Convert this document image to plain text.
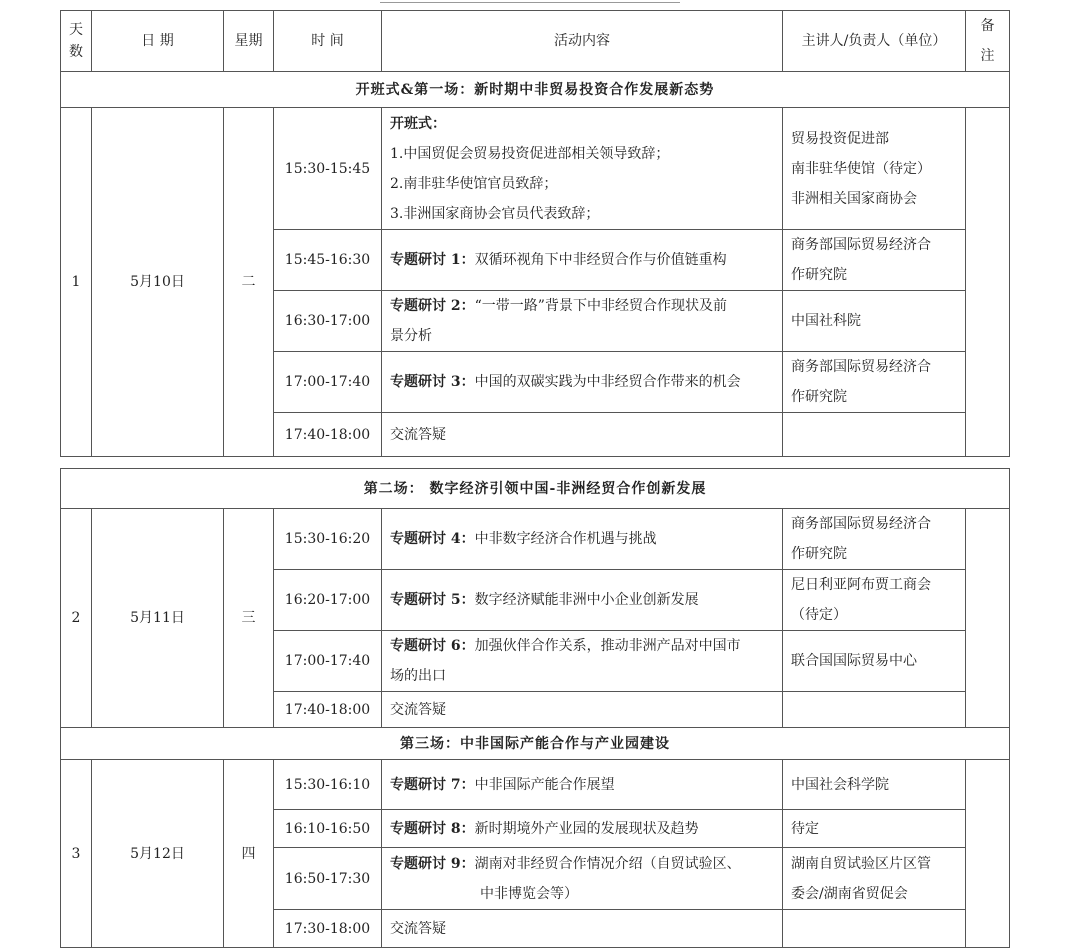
天数	日 期	星期	时 间	活动内容	主讲人/负责人（单位）	备注
开班式&第一场：新时期中非贸易投资合作发展新态势						
1	5月10日	二	15:30-15:45	开班式：
1.中国贸促会贸易投资促进部相关领导致辞；
2.南非驻华使馆官员致辞；
3.非洲国家商协会官员代表致辞；	贸易投资促进部
南非驻华使馆（待定）
非洲相关国家商协会	

			15:45-16:30	专题研讨 1：双循环视角下中非经贸合作与价值链重构	商务部国际贸易经济合
作研究院	

			16:30-17:00	专题研讨 2：“一带一路”背景下中非经贸合作现状及前
景分析	中国社科院	

			17:00-17:40	专题研讨 3：中国的双碳实践为中非经贸合作带来的机会	商务部国际贸易经济合
作研究院	

			17:40-18:00	交流答疑		
第二场： 数字经济引领中国-非洲经贸合作创新发展						
2	5月11日	三	15:30-16:20	专题研讨 4：中非数字经济合作机遇与挑战	商务部国际贸易经济合
作研究院	

			16:20-17:00	专题研讨 5：数字经济赋能非洲中小企业创新发展	尼日利亚阿布贾工商会
（待定）	

			17:00-17:40	专题研讨 6：加强伙伴合作关系，推动非洲产品对中国市
场的出口	联合国国际贸易中心	

			17:40-18:00	交流答疑		
第三场：中非国际产能合作与产业园建设						
3	5月12日	四	15:30-16:10	专题研讨 7：中非国际产能合作展望	中国社会科学院	

			16:10-16:50	专题研讨 8：新时期境外产业园的发展现状及趋势	待定	

			16:50-17:30	专题研讨 9：湖南对非经贸合作情况介绍（自贸试验区、
中非博览会等）	湖南自贸试验区片区管
委会/湖南省贸促会	

			17:30-18:00	交流答疑		
